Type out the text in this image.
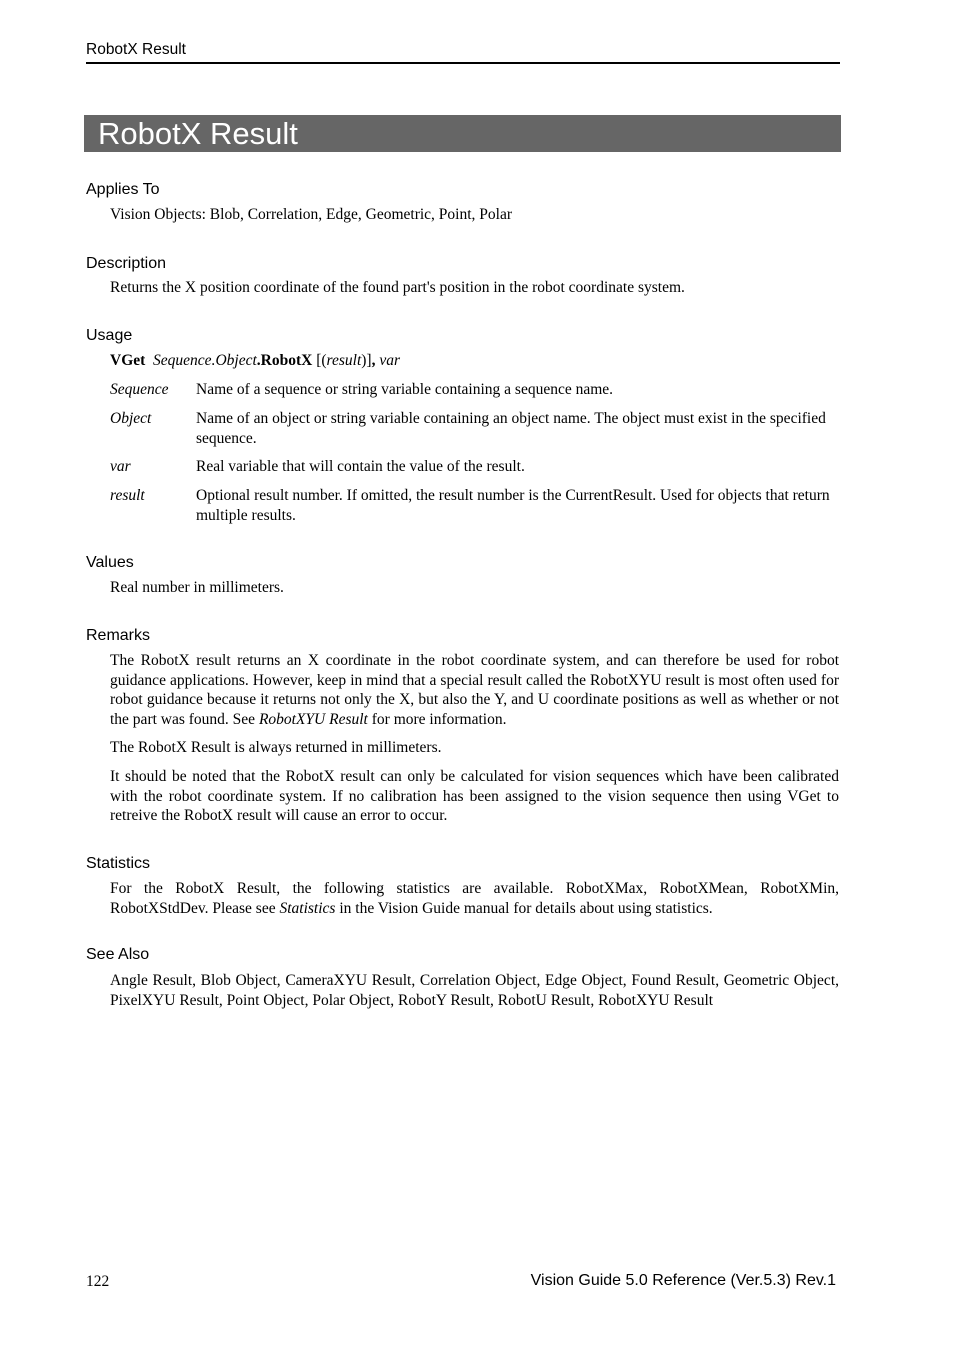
RobotX Result
RobotX Result
Applies To
Vision Objects: Blob, Correlation, Edge, Geometric, Point, Polar
Description
Returns the X position coordinate of the found part's position in the robot coordinate system.
Usage
VGet Sequence.Object.RobotX [(result)], var
Sequence Name of a sequence or string variable containing a sequence name.
Object	Name of an object or string variable containing an object name. The object must exist in the specified sequence.
var	Real variable that will contain the value of the result.
result	Optional result number. If omitted, the result number is the CurrentResult. Used for objects that return multiple results.
Values
Real number in millimeters.
Remarks
The RobotX result returns an X coordinate in the robot coordinate system, and can therefore be used for robot guidance applications. However, keep in mind that a special result called the RobotXYU result is most often used for robot guidance because it returns not only the X, but also the Y, and U coordinate positions as well as whether or not the part was found. See RobotXYU Result for more information.
The RobotX Result is always returned in millimeters.
It should be noted that the RobotX result can only be calculated for vision sequences which have been calibrated with the robot coordinate system. If no calibration has been assigned to the vision sequence then using VGet to retreive the RobotX result will cause an error to occur.
Statistics
For the RobotX Result, the following statistics are available. RobotXMax, RobotXMean, RobotXMin, RobotXStdDev. Please see Statistics in the Vision Guide manual for details about using statistics.
See Also
Angle Result, Blob Object, CameraXYU Result, Correlation Object, Edge Object, Found Result, Geometric Object, PixelXYU Result, Point Object, Polar Object, RobotY Result, RobotU Result, RobotXYU Result
122	Vision Guide 5.0 Reference (Ver.5.3) Rev.1
